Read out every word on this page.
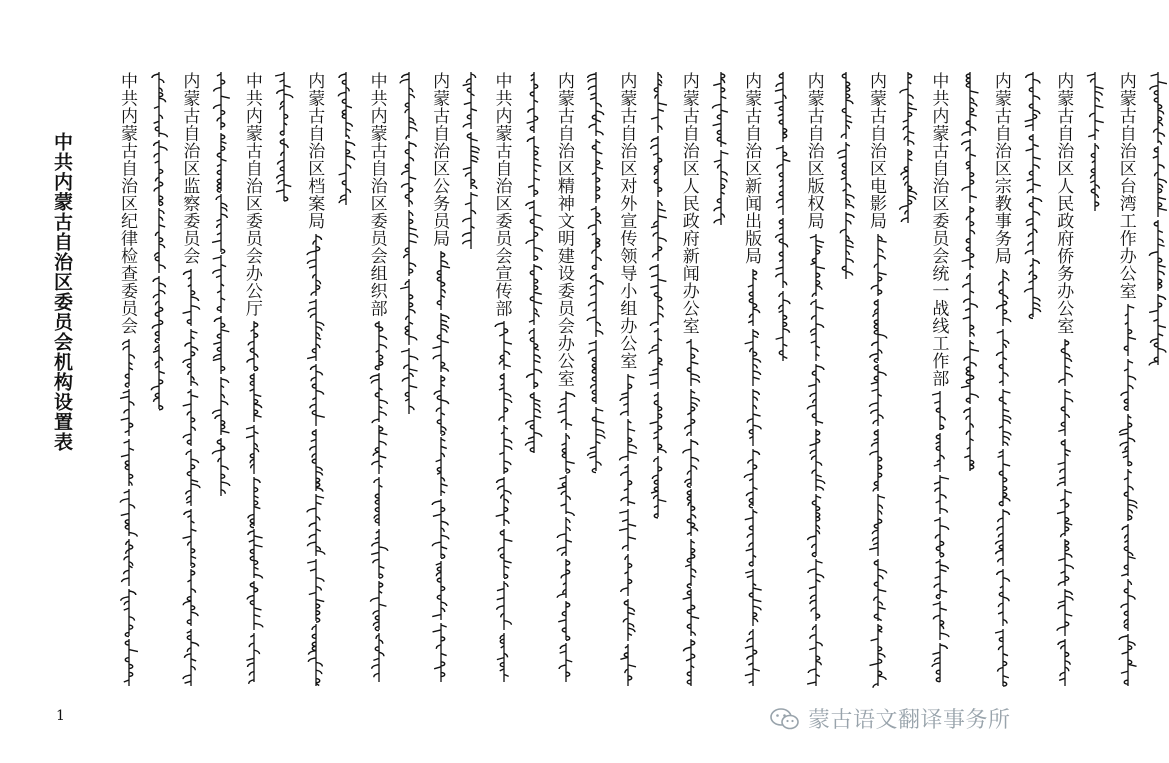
中共内蒙古自治区委员会机构设置表	中共内蒙古自治区纪律检查委员会 内蒙古自治区监察委员会 中共内蒙古自治区委员会办公厅 内蒙古自治区档案局 中共内蒙古自治区委员会组织部 内蒙古自治区公务员局 中共内蒙古自治区委员会宣传部 内蒙古自治区精神文明建设委员会办公室 内蒙古自治区对外宣传领导小组办公室 内蒙古自治区人民政府新闻办公室 内蒙古自治区新闻出版局 内蒙古自治区版权局 内蒙古自治区电影局 中共内蒙古自治区委员会统一战线工作部 内蒙古自治区宗教事务局 内蒙古自治区人民政府侨务办公室 内蒙古自治区台湾工作办公室
1	蒙古语文翻译事务所
